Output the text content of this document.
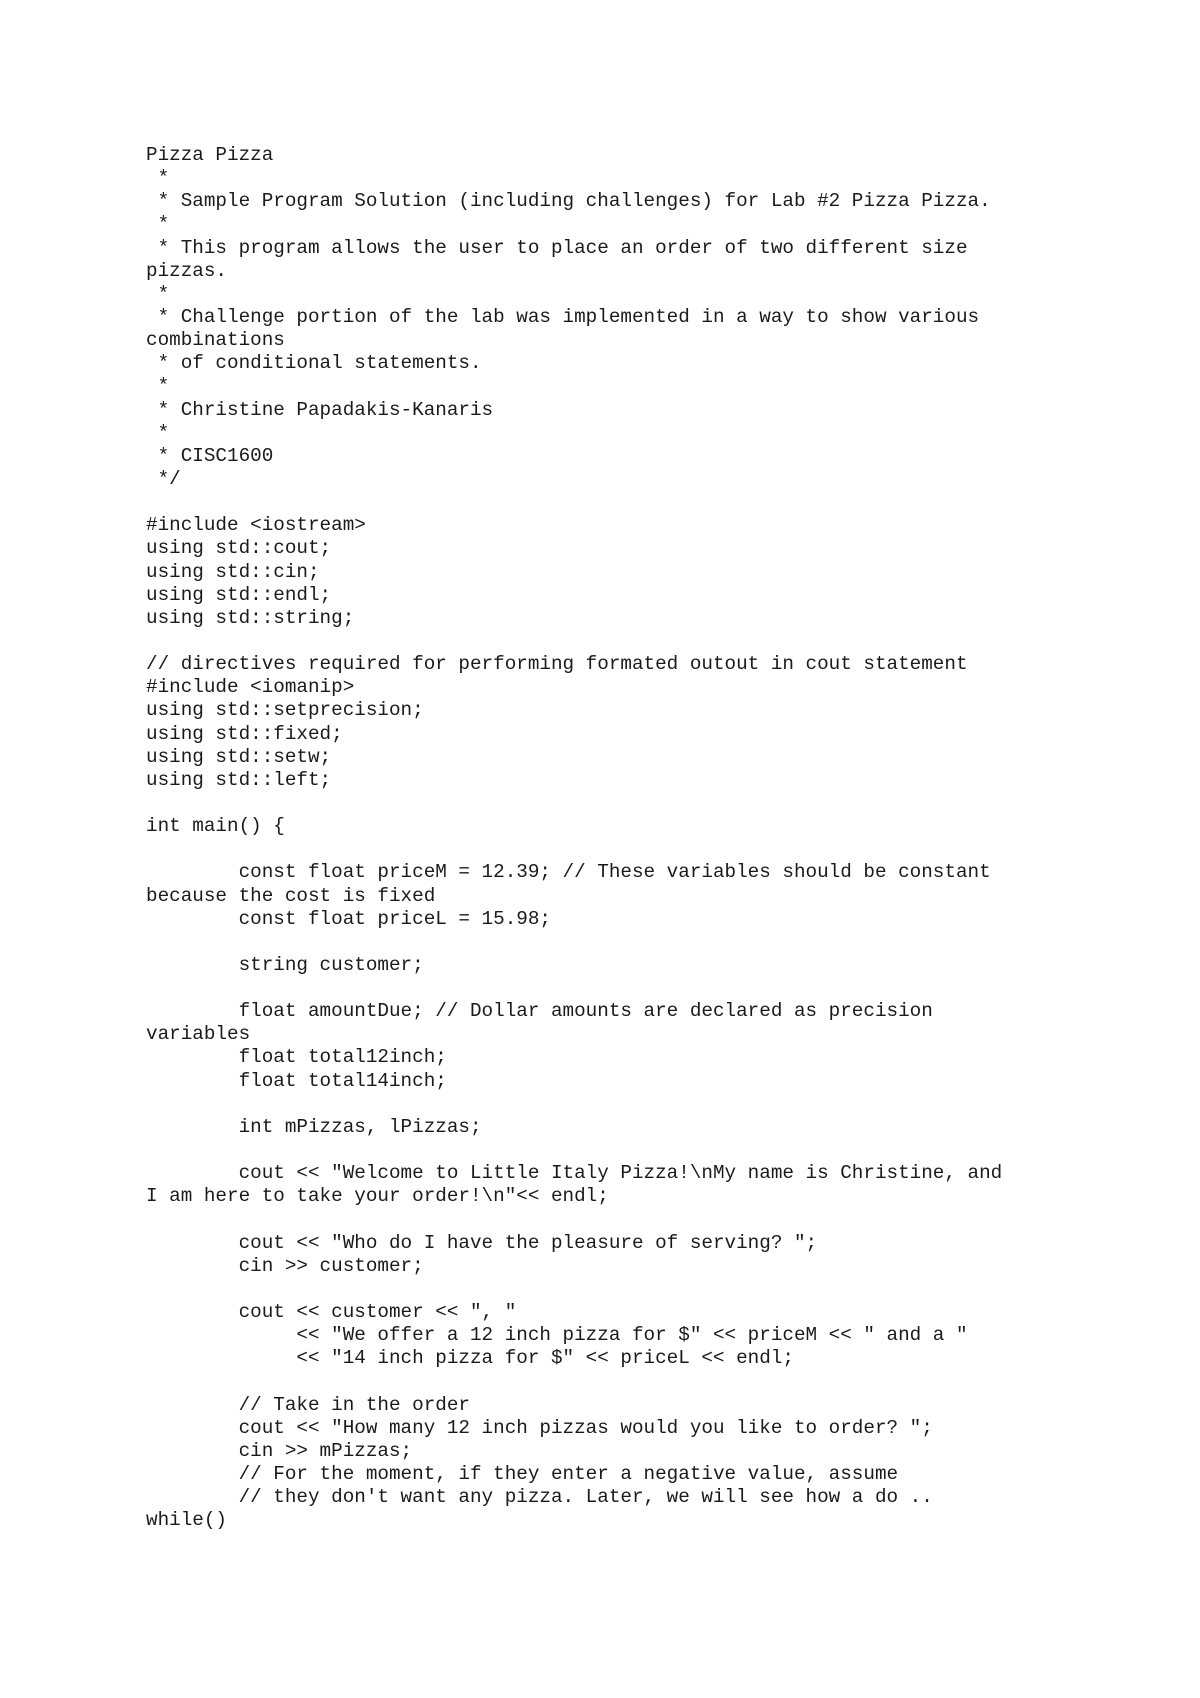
Pizza Pizza
*
* Sample Program Solution (including challenges) for Lab #2 Pizza Pizza.
*
* This program allows the user to place an order of two different size
pizzas.
*
* Challenge portion of the lab was implemented in a way to show various
combinations
* of conditional statements.
*
* Christine Papadakis-Kanaris
*
* CISC1600
*/
#include <iostream>
using std::cout;
using std::cin;
using std::endl;
using std::string;
// directives required for performing formated outout in cout statement
#include <iomanip>
using std::setprecision;
using std::fixed;
using std::setw;
using std::left;
int main() {
const float priceM = 12.39; // These variables should be constant
because the cost is fixed
const float priceL = 15.98;
string customer;
float amountDue; // Dollar amounts are declared as precision
variables
float total12inch;
float total14inch;
int mPizzas, lPizzas;
cout << "Welcome to Little Italy Pizza!\nMy name is Christine, and
I am here to take your order!\n"<< endl;
cout << "Who do I have the pleasure of serving? ";
cin >> customer;
cout << customer << ", "
<< "We offer a 12 inch pizza for $" << priceM << " and a "
<< "14 inch pizza for $" << priceL << endl;
// Take in the order
cout << "How many 12 inch pizzas would you like to order? ";
cin >> mPizzas;
// For the moment, if they enter a negative value, assume
// they don't want any pizza. Later, we will see how a do ..
while()
